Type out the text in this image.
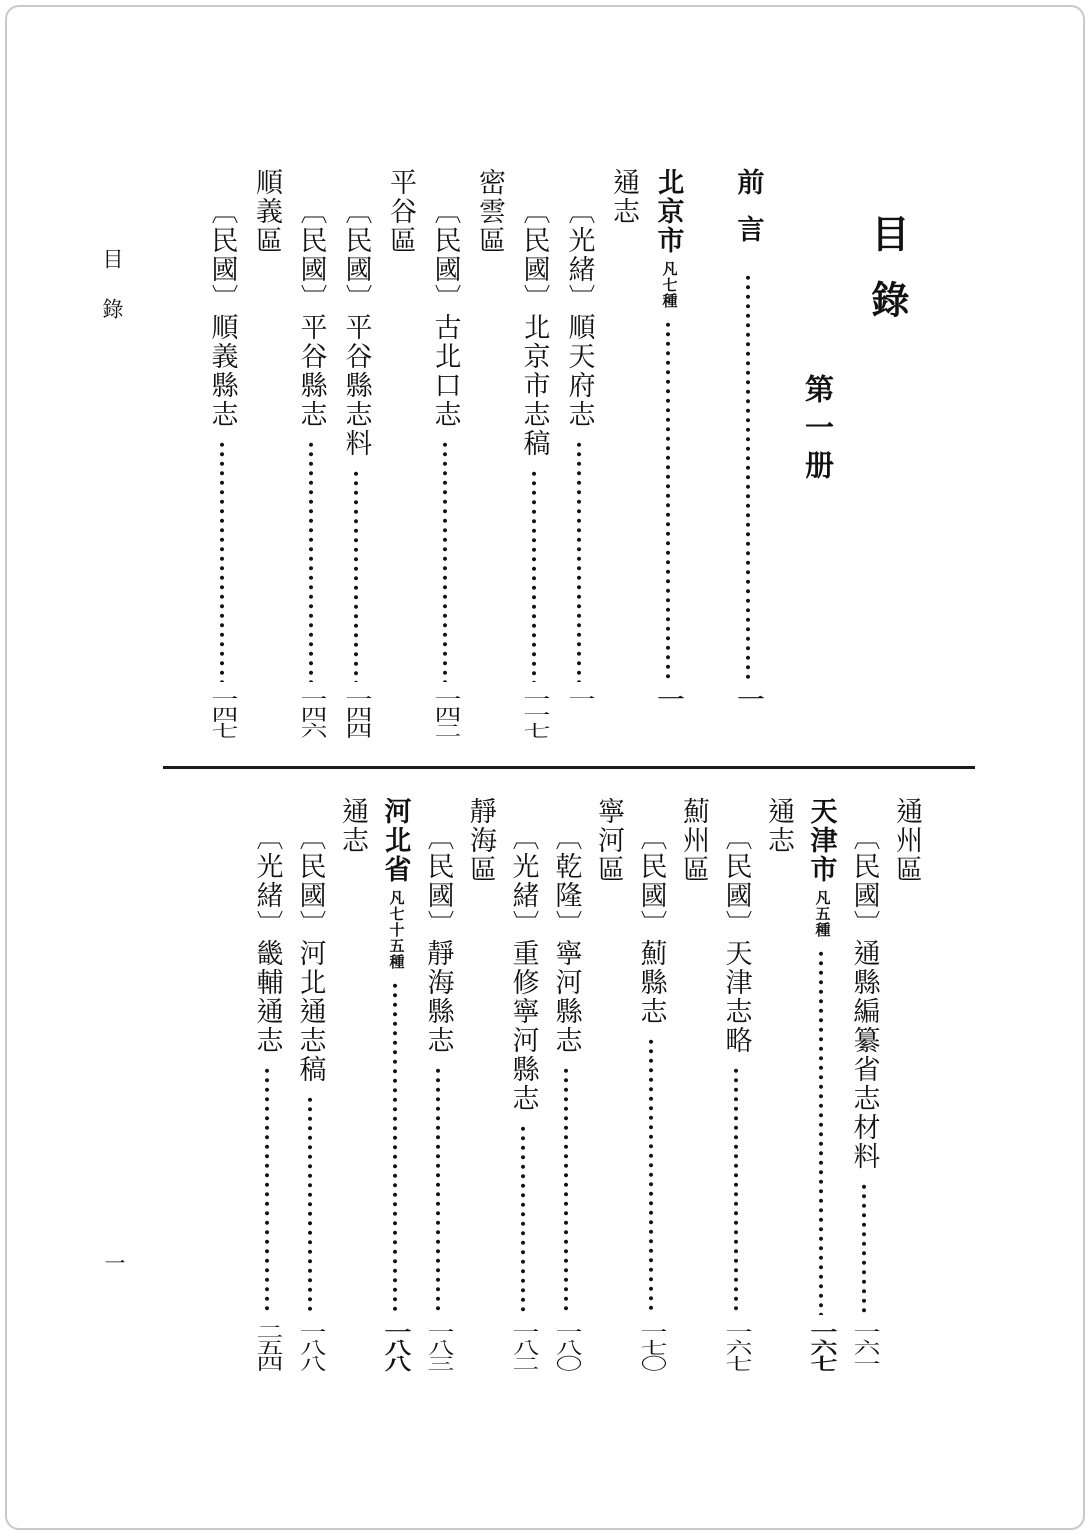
目錄
一
目錄
第一册
前言
一
北京市
凡七種
一
通志
〔光緒〕順天府志
一
〔民國〕北京市志稿
一一七
密雲區
〔民國〕古北口志
一四二
平谷區
〔民國〕平谷縣志料
一四四
〔民國〕平谷縣志
一四六
順義區
〔民國〕順義縣志
一四七
通州區
〔民國〕通縣編纂省志材料
一六一
天津市
凡五種
一六七
通志
〔民國〕天津志略
一六七
薊州區
〔民國〕薊縣志
一七〇
寧河區
〔乾隆〕寧河縣志
一八〇
〔光緒〕重修寧河縣志
一八二
靜海區
〔民國〕靜海縣志
一八三
河北省
凡七十五種
一八八
通志
〔民國〕河北通志稿
一八八
〔光緒〕畿輔通志
二五四
